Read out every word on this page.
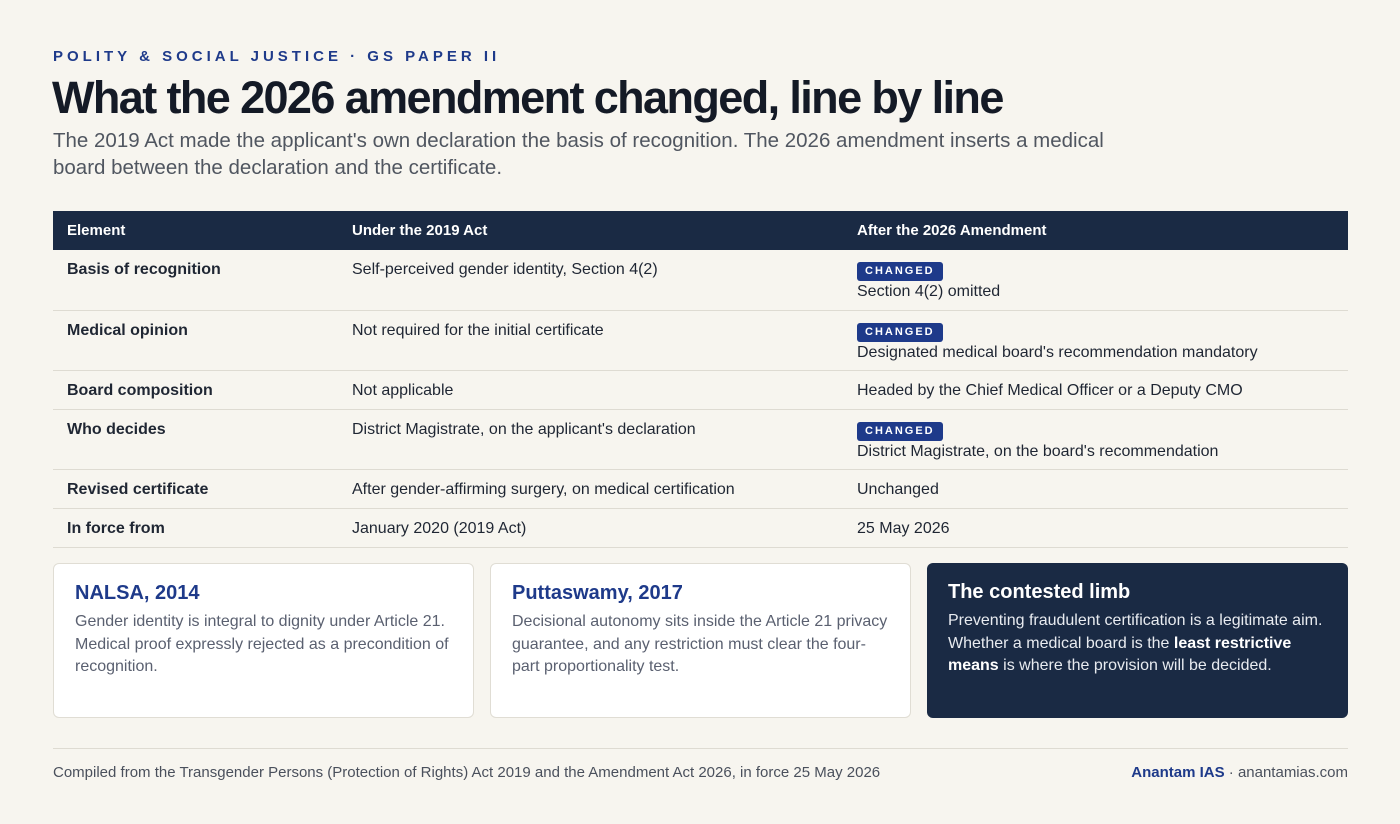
POLITY & SOCIAL JUSTICE · GS PAPER II
What the 2026 amendment changed, line by line

The 2019 Act made the applicant's own declaration the basis of recognition. The 2026 amendment inserts a medical board between the declaration and the certificate.

Element	Under the 2019 Act	After the 2026 Amendment
Basis of recognition	Self-perceived gender identity, Section 4(2)	CHANGED
Section 4(2) omitted

Medical opinion	Not required for the initial certificate	CHANGED
Designated medical board's recommendation mandatory

Board composition	Not applicable	Headed by the Chief Medical Officer or a Deputy CMO

Who decides	District Magistrate, on the applicant's declaration	CHANGED
District Magistrate, on the board's recommendation

Revised certificate	After gender-affirming surgery, on medical certification	Unchanged

In force from	January 2020 (2019 Act)	25 May 2026
NALSA, 2014
Gender identity is integral to dignity under Article 21. Medical proof expressly rejected as a precondition of recognition.
Puttaswamy, 2017
Decisional autonomy sits inside the Article 21 privacy guarantee, and any restriction must clear the four-part proportionality test.
The contested limb
Preventing fraudulent certification is a legitimate aim. Whether a medical board is the least restrictive means is where the provision will be decided.
Compiled from the Transgender Persons (Protection of Rights) Act 2019 and the Amendment Act 2026, in force 25 May 2026	Anantam IAS · anantamias.com
